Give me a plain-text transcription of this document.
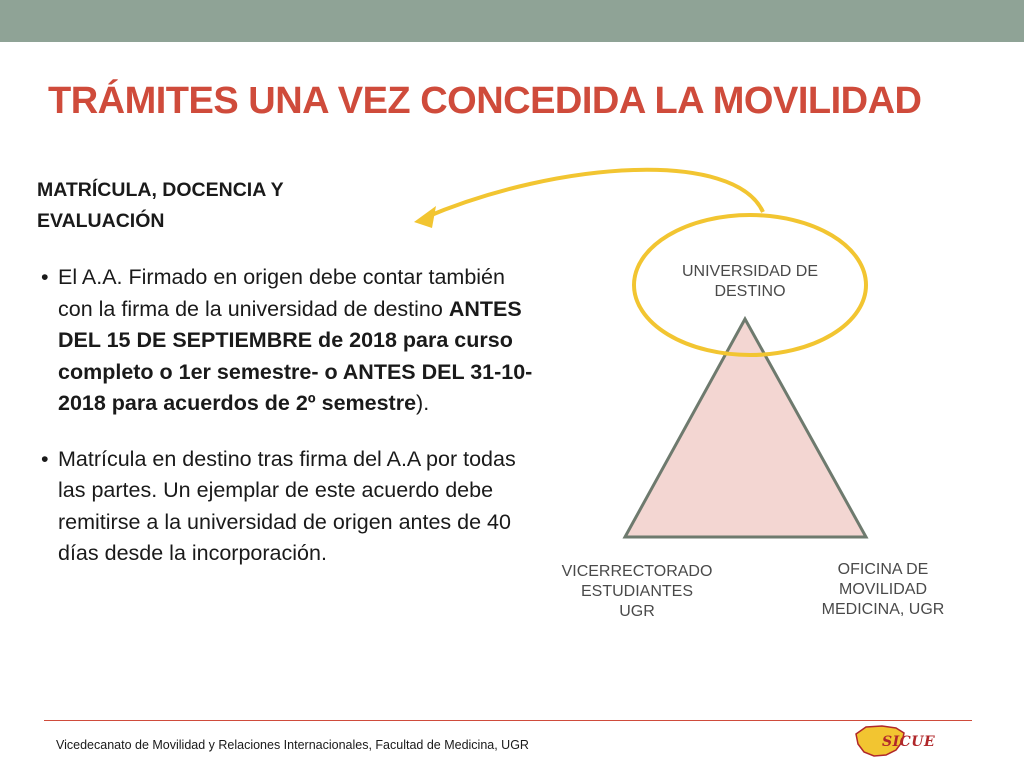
TRÁMITES UNA VEZ CONCEDIDA LA MOVILIDAD
MATRÍCULA, DOCENCIA Y EVALUACIÓN
• El A.A. Firmado en origen debe contar también con la firma de la universidad de destino ANTES DEL 15 DE SEPTIEMBRE de 2018 para curso completo o 1er semestre- o ANTES DEL 31-10-2018 para acuerdos de 2º semestre).
• Matrícula en destino tras firma del A.A por todas las partes. Un ejemplar de este acuerdo debe remitirse a la universidad de origen antes de 40 días desde la incorporación.
UNIVERSIDAD DE
DESTINO
VICERRECTORADO
ESTUDIANTES
UGR
OFICINA DE
MOVILIDAD
MEDICINA, UGR
Vicedecanato de Movilidad y Relaciones Internacionales, Facultad de Medicina, UGR	SICUE
